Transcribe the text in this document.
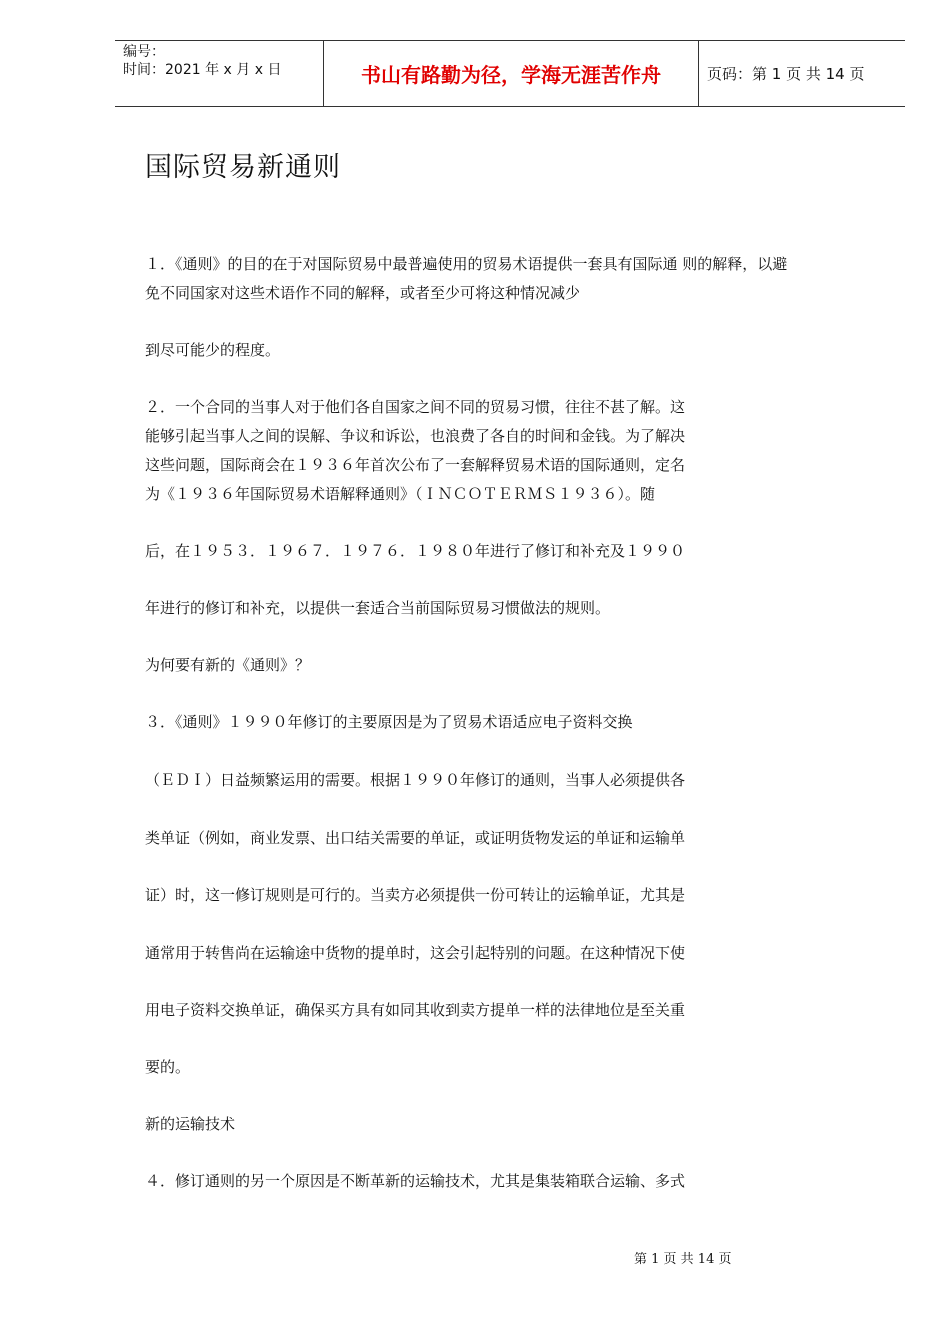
编号：
时间：2021 年 x 月 x 日	书山有路勤为径，学海无涯苦作舟	页码：第 1 页 共 14 页
国际贸易新通则

１．《通则》的目的在于对国际贸易中最普遍使用的贸易术语提供一套具有国际通 则的解释，以避

免不同国家对这些术语作不同的解释，或者至少可将这种情况减少

到尽可能少的程度。

２．一个合同的当事人对于他们各自国家之间不同的贸易习惯，往往不甚了解。这

能够引起当事人之间的误解、争议和诉讼，也浪费了各自的时间和金钱。为了解决

这些问题，国际商会在１９３６年首次公布了一套解释贸易术语的国际通则，定名

为《１９３６年国际贸易术语解释通则》（ＩＮＣＯＴＥＲＭＳ１９３６）。随

后，在１９５３．１９６７．１９７６．１９８０年进行了修订和补充及１９９０

年进行的修订和补充，以提供一套适合当前国际贸易习惯做法的规则。

为何要有新的《通则》？

３．《通则》１９９０年修订的主要原因是为了贸易术语适应电子资料交换

（ＥＤＩ）日益频繁运用的需要。根据１９９０年修订的通则，当事人必须提供各

类单证（例如，商业发票、出口结关需要的单证，或证明货物发运的单证和运输单

证）时，这一修订规则是可行的。当卖方必须提供一份可转让的运输单证，尤其是

通常用于转售尚在运输途中货物的提单时，这会引起特别的问题。在这种情况下使

用电子资料交换单证，确保买方具有如同其收到卖方提单一样的法律地位是至关重

要的。

新的运输技术

４．修订通则的另一个原因是不断革新的运输技术，尤其是集装箱联合运输、多式

第 1 页 共 14 页
